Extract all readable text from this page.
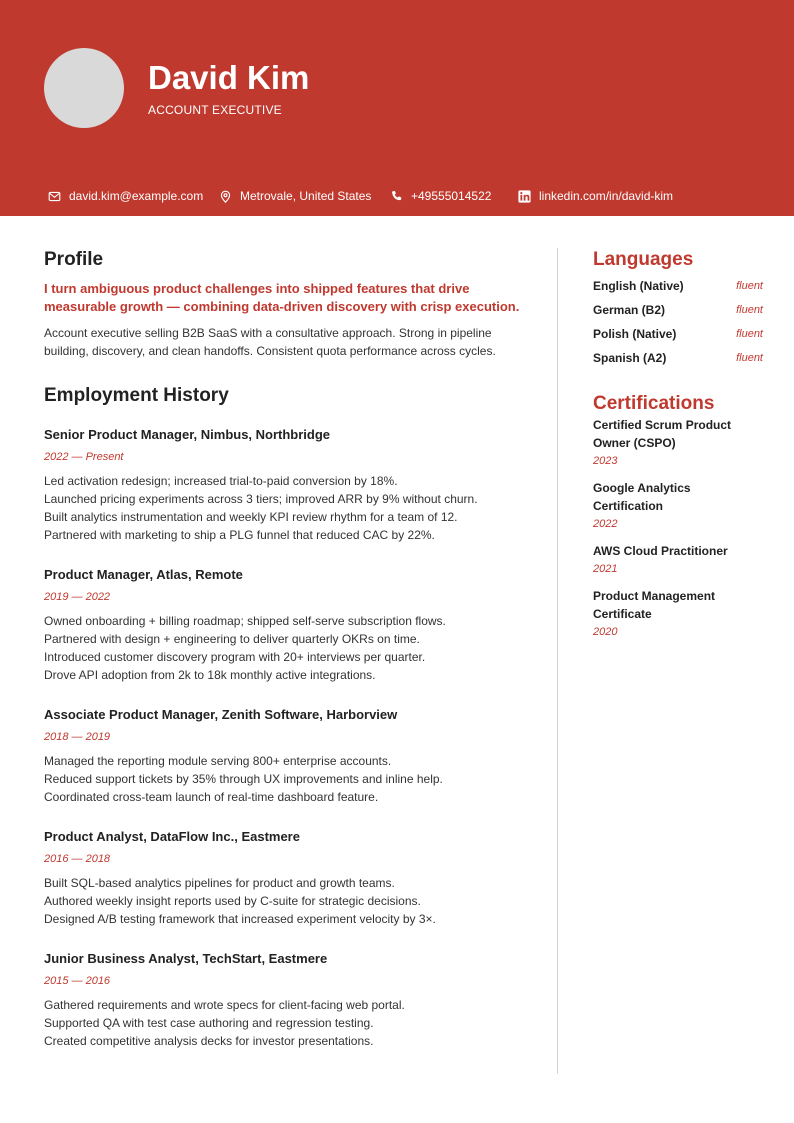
David Kim
ACCOUNT EXECUTIVE
david.kim@example.com	Metrovale, United States	+49555014522	linkedin.com/in/david-kim
Profile
I turn ambiguous product challenges into shipped features that drive measurable growth — combining data-driven discovery with crisp execution.
Account executive selling B2B SaaS with a consultative approach. Strong in pipeline building, discovery, and clean handoffs. Consistent quota performance across cycles.
Employment History
Senior Product Manager, Nimbus, Northbridge
2022 — Present
Led activation redesign; increased trial-to-paid conversion by 18%.
Launched pricing experiments across 3 tiers; improved ARR by 9% without churn.
Built analytics instrumentation and weekly KPI review rhythm for a team of 12.
Partnered with marketing to ship a PLG funnel that reduced CAC by 22%.
Product Manager, Atlas, Remote
2019 — 2022
Owned onboarding + billing roadmap; shipped self-serve subscription flows.
Partnered with design + engineering to deliver quarterly OKRs on time.
Introduced customer discovery program with 20+ interviews per quarter.
Drove API adoption from 2k to 18k monthly active integrations.
Associate Product Manager, Zenith Software, Harborview
2018 — 2019
Managed the reporting module serving 800+ enterprise accounts.
Reduced support tickets by 35% through UX improvements and inline help.
Coordinated cross-team launch of real-time dashboard feature.
Product Analyst, DataFlow Inc., Eastmere
2016 — 2018
Built SQL-based analytics pipelines for product and growth teams.
Authored weekly insight reports used by C-suite for strategic decisions.
Designed A/B testing framework that increased experiment velocity by 3×.
Junior Business Analyst, TechStart, Eastmere
2015 — 2016
Gathered requirements and wrote specs for client-facing web portal.
Supported QA with test case authoring and regression testing.
Created competitive analysis decks for investor presentations.
Languages
English (Native)	fluent
German (B2)	fluent
Polish (Native)	fluent
Spanish (A2)	fluent
Certifications
Certified Scrum Product Owner (CSPO)
2023
Google Analytics Certification
2022
AWS Cloud Practitioner
2021
Product Management Certificate
2020
